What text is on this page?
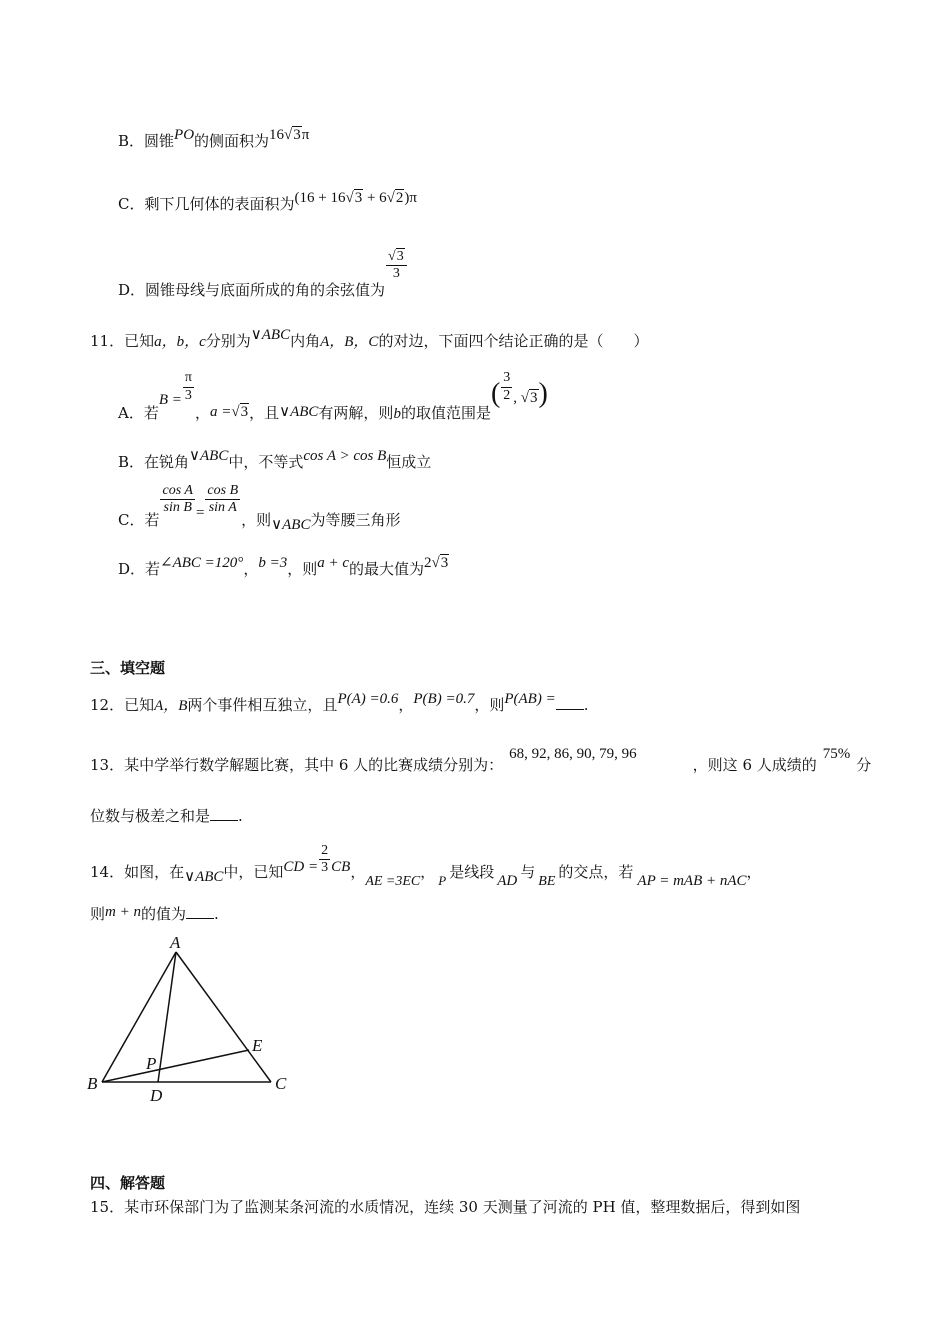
B．圆锥PO的侧面积为16√3π
C．剩下几何体的表面积为(16 + 16√3 + 6√2)π
D．圆锥母线与底面所成的角的余弦值为
$\frac{√3}{3}$
11．已知a，b，c分别为∨ABC内角A，B，C的对边，下面四个结论正确的是（　　）
A．若$B = \frac{\pi}{3}$
，a =√3，且∨ABC有两解，则b的取值范围是( $\frac{3}{2}$ , √3)
B．在锐角∨ABC中，不等式cos A > cos B恒成立
C．若
$\frac{\text{cos A}}{\text{sin B}} = \frac{\text{cos B}}{\text{sin A}}$
，则∨ABC为等腰三角形
D．若∠ABC =120°，b =3，则a + c的最大值为2√3
三、填空题
12．已知A，B两个事件相互独立，且P(A) =0.6，P(B) =0.7，则P(AB) = .
13．某中学举行数学解题比赛，其中 6 人的比赛成绩分别为：68, 92, 86, 90, 79, 96，则这 6 人成绩的75%分
位数与极差之和是 .
14．如图，在∨ABC中，已知CD = $\frac{2}{3}$ CB，AE =3EC， P 是线段 AD 与BE的交点，若 AP = mAB + nAC，
则m + n的值为 .
A
B	C
D
E
P
四、解答题
15．某市环保部门为了监测某条河流的水质情况，连续 30 天测量了河流的 PH 值，整理数据后，得到如图
